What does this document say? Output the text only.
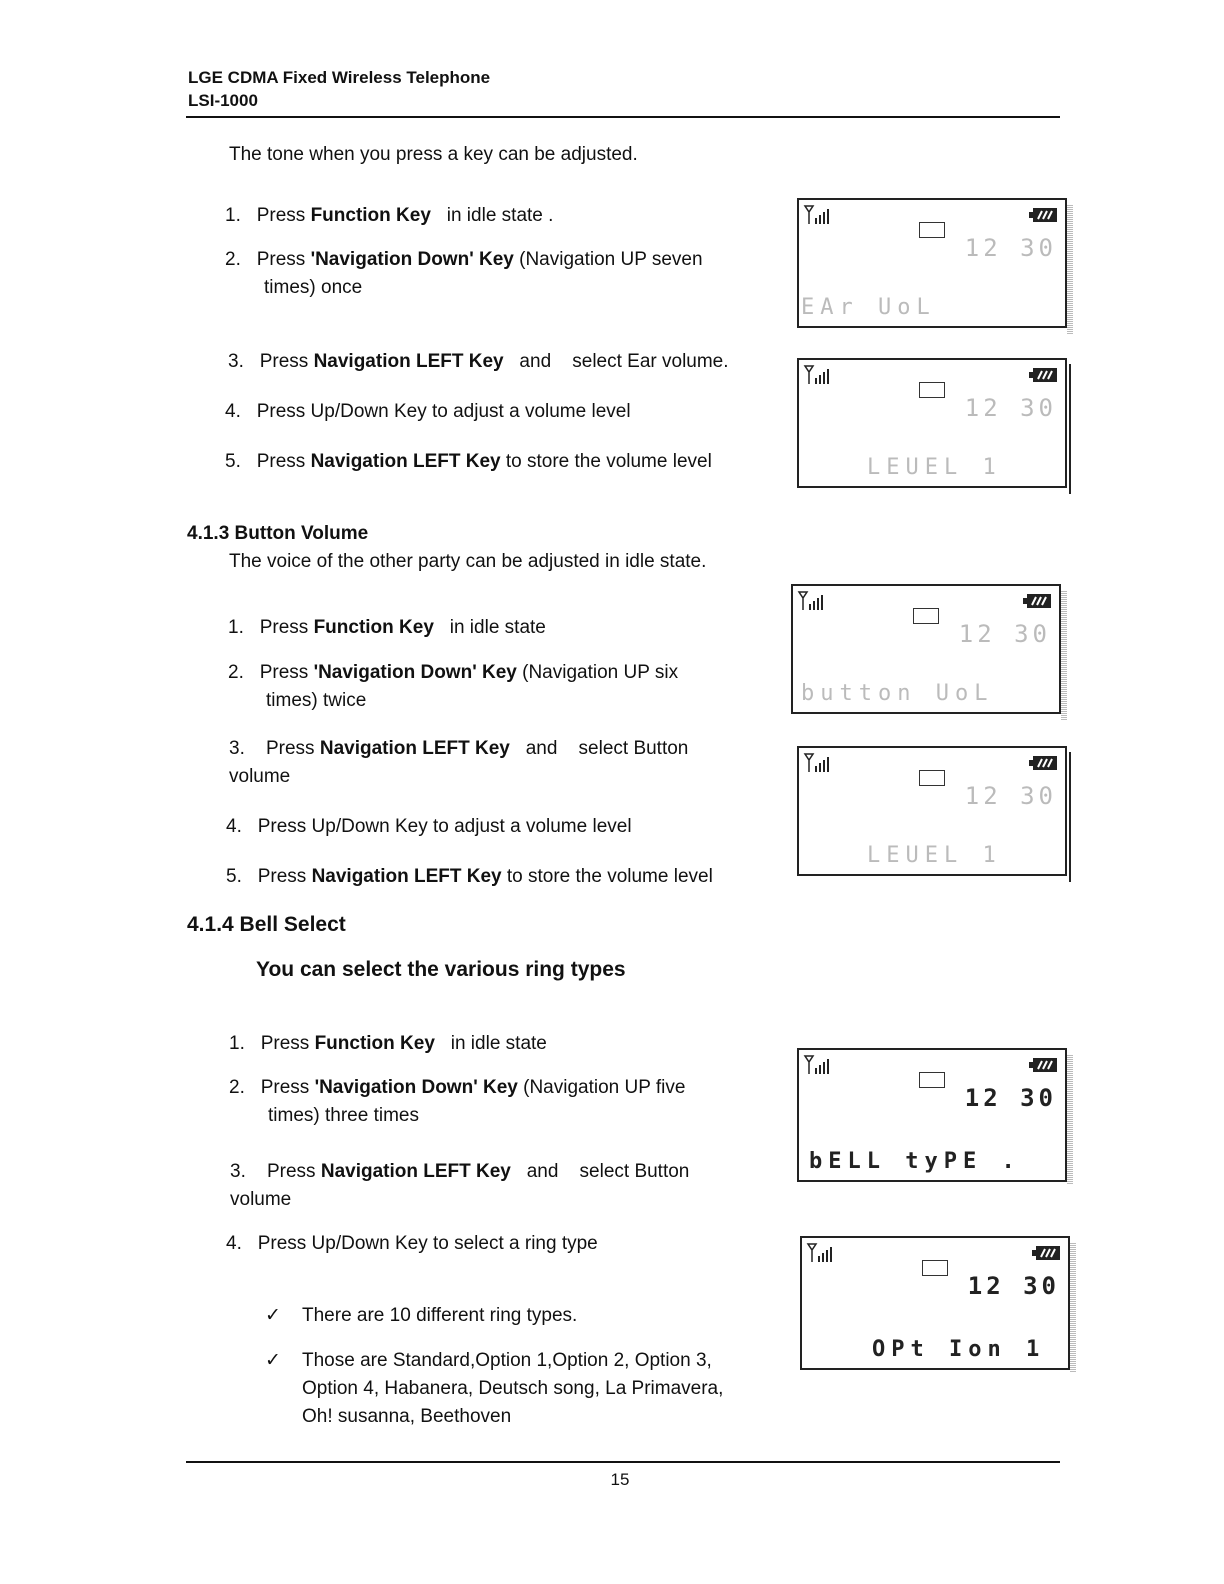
LGE CDMA Fixed Wireless Telephone
LSI-1000
The tone when you press a key can be adjusted.
1. Press Function Key   in idle state .
2. Press 'Navigation Down' Key (Navigation UP seven
times) once
3. Press Navigation LEFT Key   and    select Ear volume.
4. Press Up/Down Key to adjust a volume level
5. Press Navigation LEFT Key to store the volume level
4.1.3 Button Volume
The voice of the other party can be adjusted in idle state.
1. Press Function Key   in idle state
2. Press 'Navigation Down' Key (Navigation UP six
times) twice
3. Press Navigation LEFT Key   and    select Button
volume
4. Press Up/Down Key to adjust a volume level
5. Press Navigation LEFT Key to store the volume level
4.1.4 Bell Select
You can select the various ring types
1. Press Function Key   in idle state
2. Press 'Navigation Down' Key (Navigation UP five
times) three times
3. Press Navigation LEFT Key   and    select Button
volume
4. Press Up/Down Key to select a ring type
✓ There are 10 different ring types.
✓ Those are Standard,Option 1,Option 2, Option 3,
Option 4, Habanera, Deutsch song, La Primavera,
Oh! susanna, Beethoven
12 30
EAr UoL
12 30
LEUEL 1
12 30
button UoL
12 30
LEUEL 1
12 30
bELL tyPE .
12 30
OPt Ion 1
15
